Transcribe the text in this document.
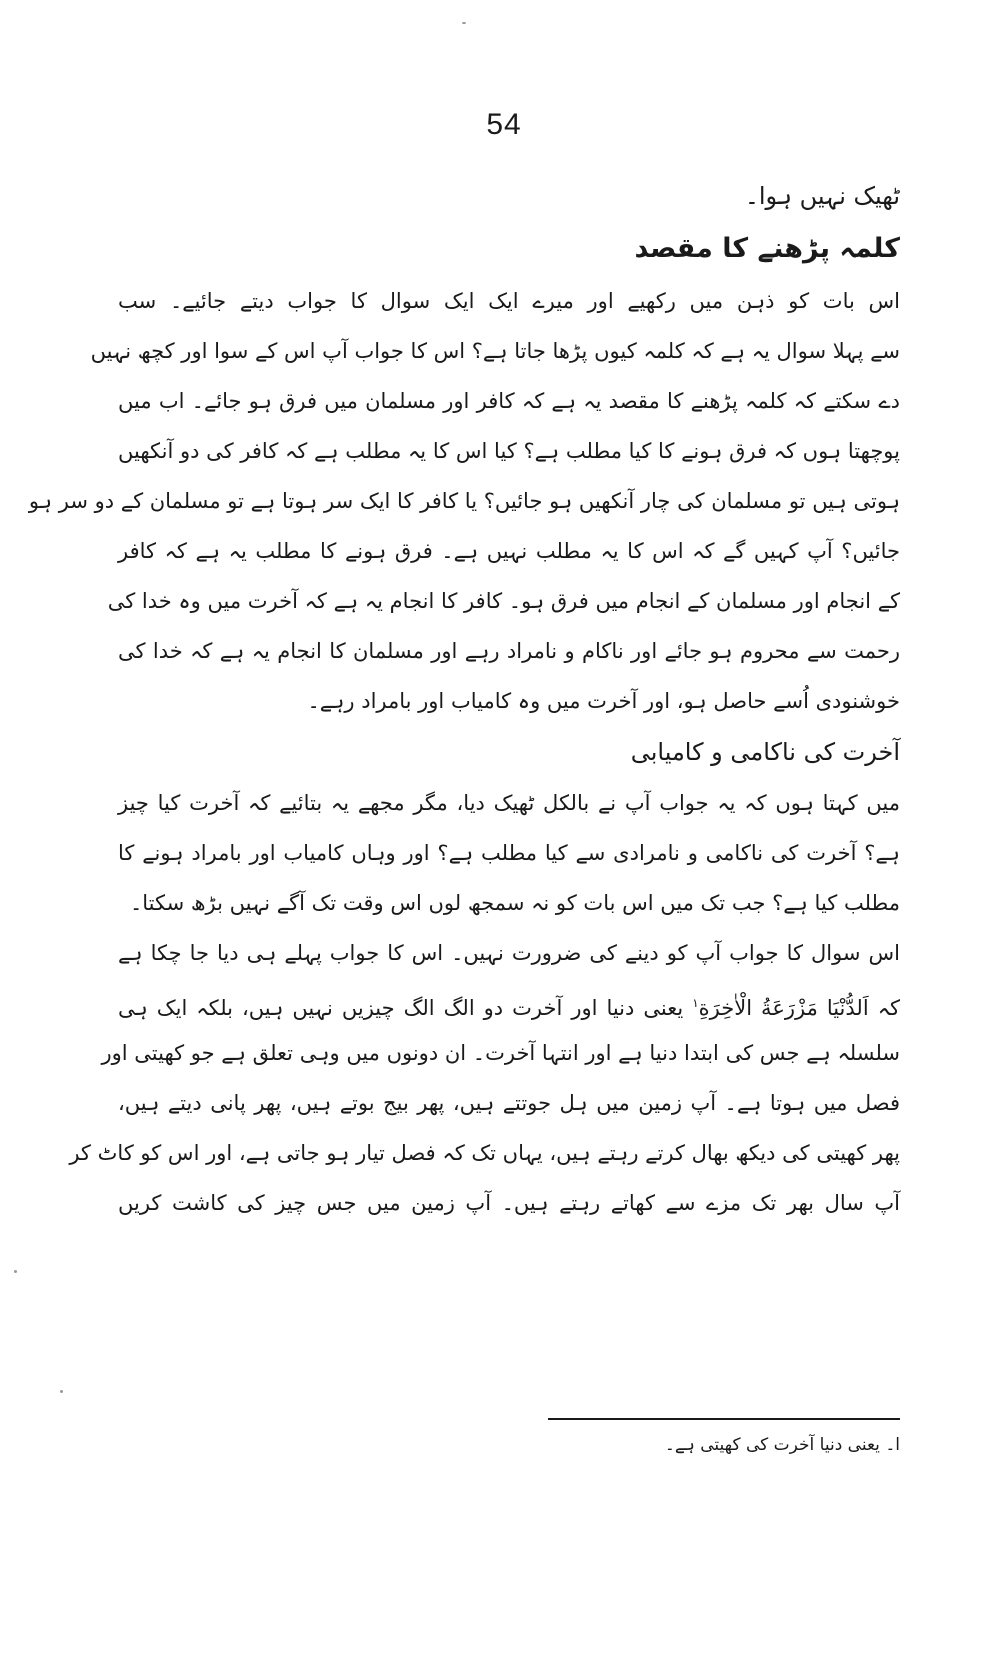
54
ٹھیک نہیں ہوا۔
کلمہ پڑھنے کا مقصد
اس بات کو ذہن میں رکھیے اور میرے ایک ایک سوال کا جواب دیتے جائیے۔ سب
سے پہلا سوال یہ ہے کہ کلمہ کیوں پڑھا جاتا ہے؟ اس کا جواب آپ اس کے سوا اور کچھ نہیں
دے سکتے کہ کلمہ پڑھنے کا مقصد یہ ہے کہ کافر اور مسلمان میں فرق ہو جائے۔ اب میں
پوچھتا ہوں کہ فرق ہونے کا کیا مطلب ہے؟ کیا اس کا یہ مطلب ہے کہ کافر کی دو آنکھیں
ہوتی ہیں تو مسلمان کی چار آنکھیں ہو جائیں؟ یا کافر کا ایک سر ہوتا ہے تو مسلمان کے دو سر ہو
جائیں؟ آپ کہیں گے کہ اس کا یہ مطلب نہیں ہے۔ فرق ہونے کا مطلب یہ ہے کہ کافر
کے انجام اور مسلمان کے انجام میں فرق ہو۔ کافر کا انجام یہ ہے کہ آخرت میں وہ خدا کی
رحمت سے محروم ہو جائے اور ناکام و نامراد رہے اور مسلمان کا انجام یہ ہے کہ خدا کی
خوشنودی اُسے حاصل ہو، اور آخرت میں وہ کامیاب اور بامراد رہے۔
آخرت کی ناکامی و کامیابی
میں کہتا ہوں کہ یہ جواب آپ نے بالکل ٹھیک دیا، مگر مجھے یہ بتائیے کہ آخرت کیا چیز
ہے؟ آخرت کی ناکامی و نامرادی سے کیا مطلب ہے؟ اور وہاں کامیاب اور بامراد ہونے کا
مطلب کیا ہے؟ جب تک میں اس بات کو نہ سمجھ لوں اس وقت تک آگے نہیں بڑھ سکتا۔
اس سوال کا جواب آپ کو دینے کی ضرورت نہیں۔ اس کا جواب پہلے ہی دیا جا چکا ہے
کہ اَلدُّنْيَا مَزْرَعَةُ الْاٰخِرَةِ$^۱$ یعنی دنیا اور آخرت دو الگ الگ چیزیں نہیں ہیں، بلکہ ایک ہی
سلسلہ ہے جس کی ابتدا دنیا ہے اور انتہا آخرت۔ ان دونوں میں وہی تعلق ہے جو کھیتی اور
فصل میں ہوتا ہے۔ آپ زمین میں ہل جوتتے ہیں، پھر بیج بوتے ہیں، پھر پانی دیتے ہیں،
پھر کھیتی کی دیکھ بھال کرتے رہتے ہیں، یہاں تک کہ فصل تیار ہو جاتی ہے، اور اس کو کاٹ کر
آپ سال بھر تک مزے سے کھاتے رہتے ہیں۔ آپ زمین میں جس چیز کی کاشت کریں
ا۔ یعنی دنیا آخرت کی کھیتی ہے۔
